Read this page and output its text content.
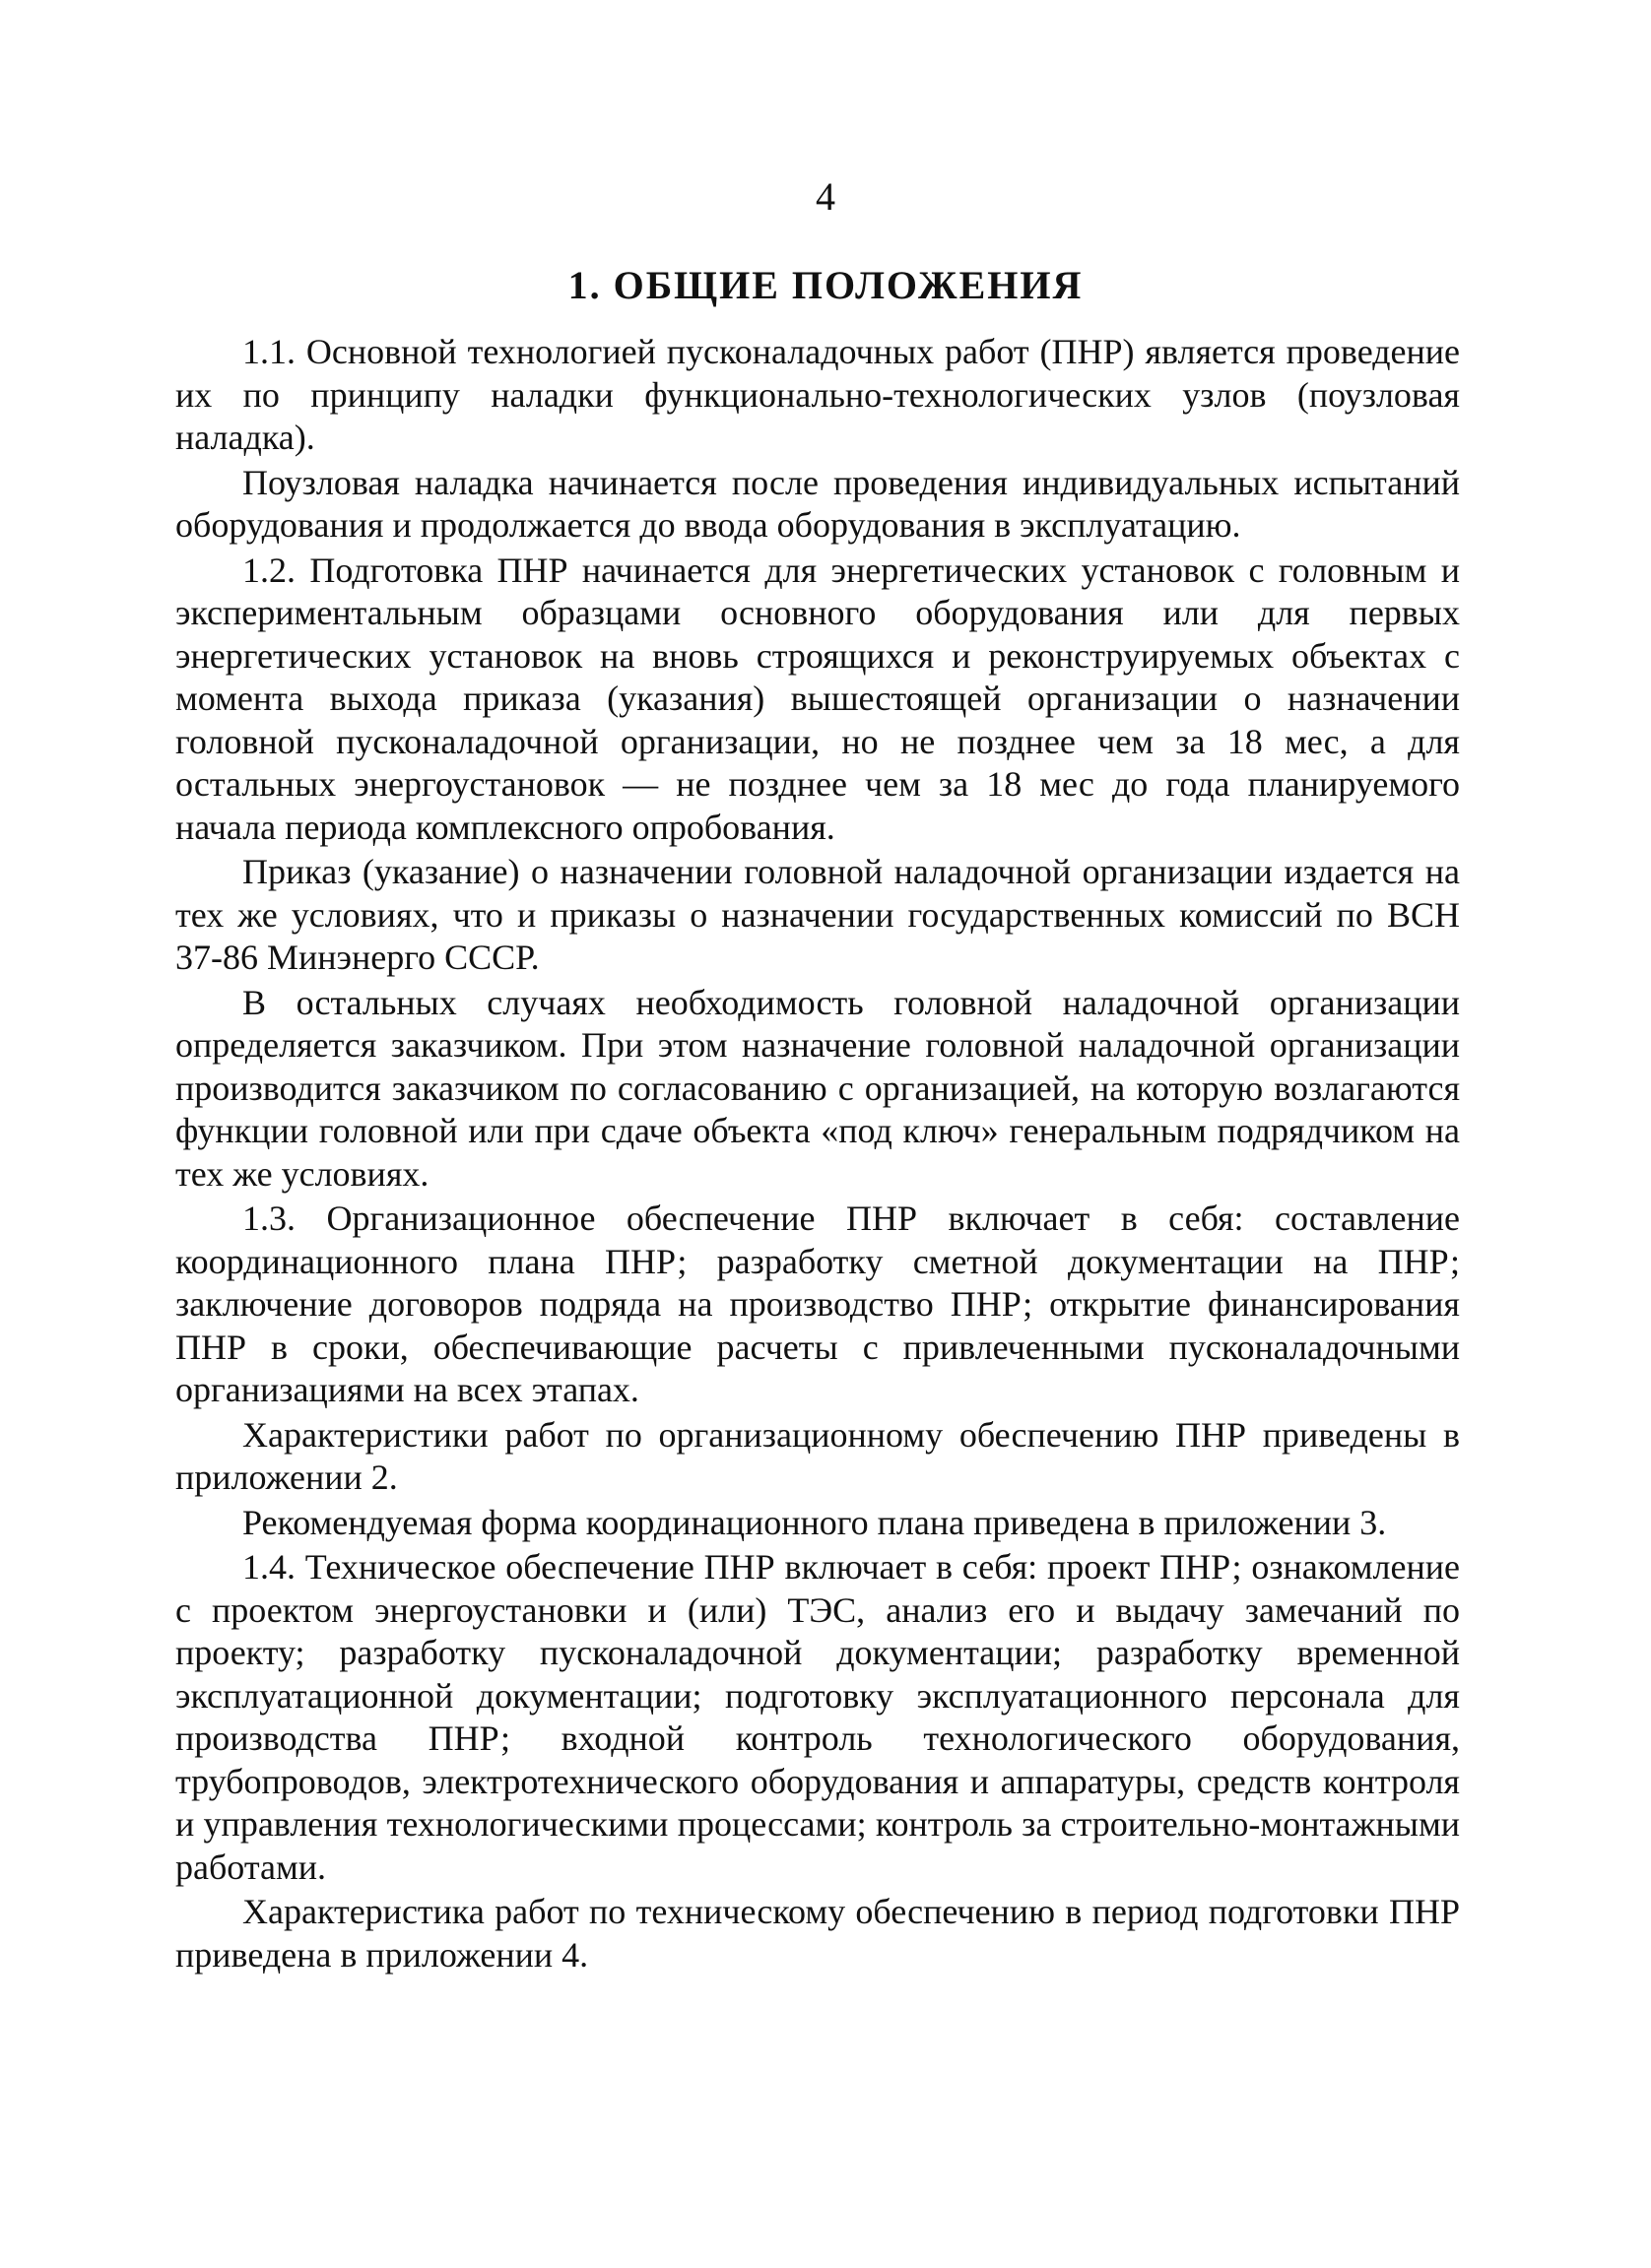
4
1. ОБЩИЕ ПОЛОЖЕНИЯ

1.1. Основной технологией пусконаладочных работ (ПНР) является проведение их по принципу наладки функционально-технологических узлов (поузловая наладка).

Поузловая наладка начинается после проведения индивидуальных испытаний оборудования и продолжается до ввода оборудования в эксплуатацию.

1.2. Подготовка ПНР начинается для энергетических установок с головным и экспериментальным образцами основного оборудования или для первых энергетических установок на вновь строящихся и реконструируемых объектах с момента выхода приказа (указания) вышестоящей организации о назначении головной пусконаладочной организации, но не позднее чем за 18 мес, а для остальных энергоустановок — не позднее чем за 18 мес до года планируемого начала периода комплексного опробования.

Приказ (указание) о назначении головной наладочной организации издается на тех же условиях, что и приказы о назначении государственных комиссий по ВСН 37-86 Минэнерго СССР.

В остальных случаях необходимость головной наладочной организации определяется заказчиком. При этом назначение головной наладочной организации производится заказчиком по согласованию с организацией, на которую возлагаются функции головной или при сдаче объекта «под ключ» генеральным подрядчиком на тех же условиях.

1.3. Организационное обеспечение ПНР включает в себя: составление координационного плана ПНР; разработку сметной документации на ПНР; заключение договоров подряда на производство ПНР; открытие финансирования ПНР в сроки, обеспечивающие расчеты с привлеченными пусконаладочными организациями на всех этапах.

Характеристики работ по организационному обеспечению ПНР приведены в приложении 2.

Рекомендуемая форма координационного плана приведена в приложении 3.

1.4. Техническое обеспечение ПНР включает в себя: проект ПНР; ознакомление с проектом энергоустановки и (или) ТЭС, анализ его и выдачу замечаний по проекту; разработку пусконаладочной документации; разработку временной эксплуатационной документации; подготовку эксплуатационного персонала для производства ПНР; входной контроль технологического оборудования, трубопроводов, электротехнического оборудования и аппаратуры, средств контроля и управления технологическими процессами; контроль за строительно-монтажными работами.

Характеристика работ по техническому обеспечению в период подготовки ПНР приведена в приложении 4.
